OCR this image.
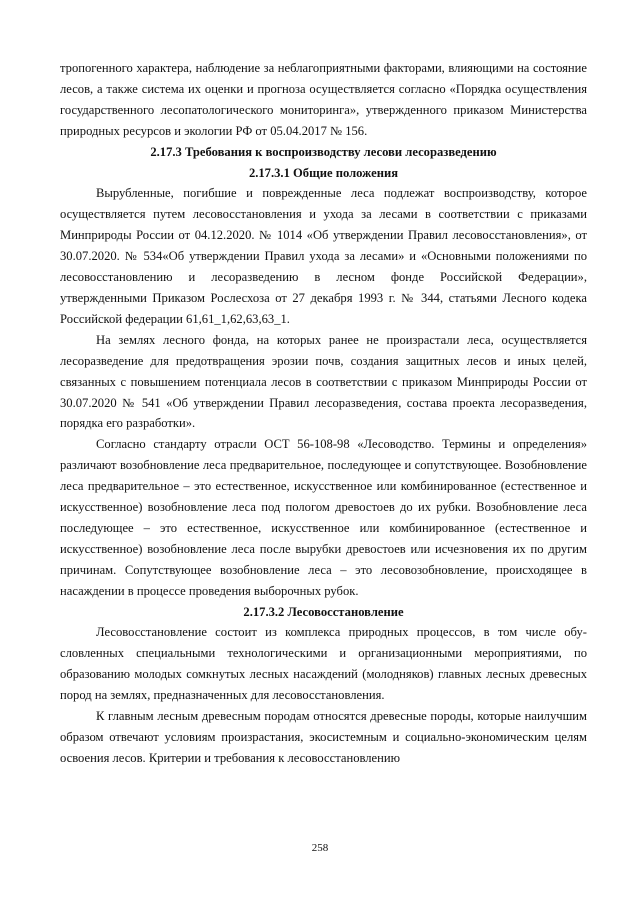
тропогенного характера, наблюдение за неблагоприятными факторами, влияющими на состояние лесов, а также система их оценки и прогноза осуществляется согласно «Порядка осуществления государственного лесопатологического мониторинга», утвержденного приказом Министерства природных ресурсов и экологии РФ от 05.04.2017 № 156.

2.17.3 Требования к воспроизводству лесови лесоразведению

2.17.3.1 Общие положения

Вырубленные, погибшие и поврежденные леса подлежат воспроизводству, которое осуществляется путем лесовосстановления и ухода за лесами в соответствии с приказами Минприроды России от 04.12.2020. № 1014 «Об утверждении Правил лесовосстановления», от 30.07.2020. № 534«Об утверждении Правил ухода за лесами» и «Основными положениями по лесовосстановлению и лесоразведению в лесном фонде Российской Федерации», утвержденными Приказом Рослесхоза от 27 декабря 1993 г. № 344, статьями Лесного кодека Российской федерации 61,61_1,62,63,63_1.

На землях лесного фонда, на которых ранее не произрастали леса, осуществляется лесоразведение для предотвращения эрозии почв, создания защитных лесов и иных целей, связанных с повышением потенциала лесов в соответствии с приказом Минприроды России от 30.07.2020 № 541 «Об утверждении Правил лесоразведения, состава проекта лесоразведения, порядка его разработки».

Согласно стандарту отрасли ОСТ 56-108-98 «Лесоводство. Термины и определения» различают возобновление леса предварительное, последующее и сопутствующее. Возобновление леса предварительное – это естественное, искусственное или комбинированное (естественное и искусственное) возобновление леса под пологом древостоев до их рубки. Возобновление леса последующее – это естественное, искусственное или комбинированное (естественное и искусственное) возобновление леса после вырубки древостоев или исчезновения их по другим причинам. Сопутствующее возобновление леса – это лесовозобновление, происходящее в насаждении в процессе проведения выборочных рубок.

2.17.3.2 Лесовосстановление

Лесовосстановление состоит из комплекса природных процессов, в том числе обусловленных специальными технологическими и организационными мероприятиями, по образованию молодых сомкнутых лесных насаждений (молодняков) главных лесных древесных пород на землях, предназначенных для лесовосстановления.

К главным лесным древесным породам относятся древесные породы, которые наилучшим образом отвечают условиям произрастания, экосистемным и социально-экономическим целям освоения лесов. Критерии и требования к лесовосстановлению

258
